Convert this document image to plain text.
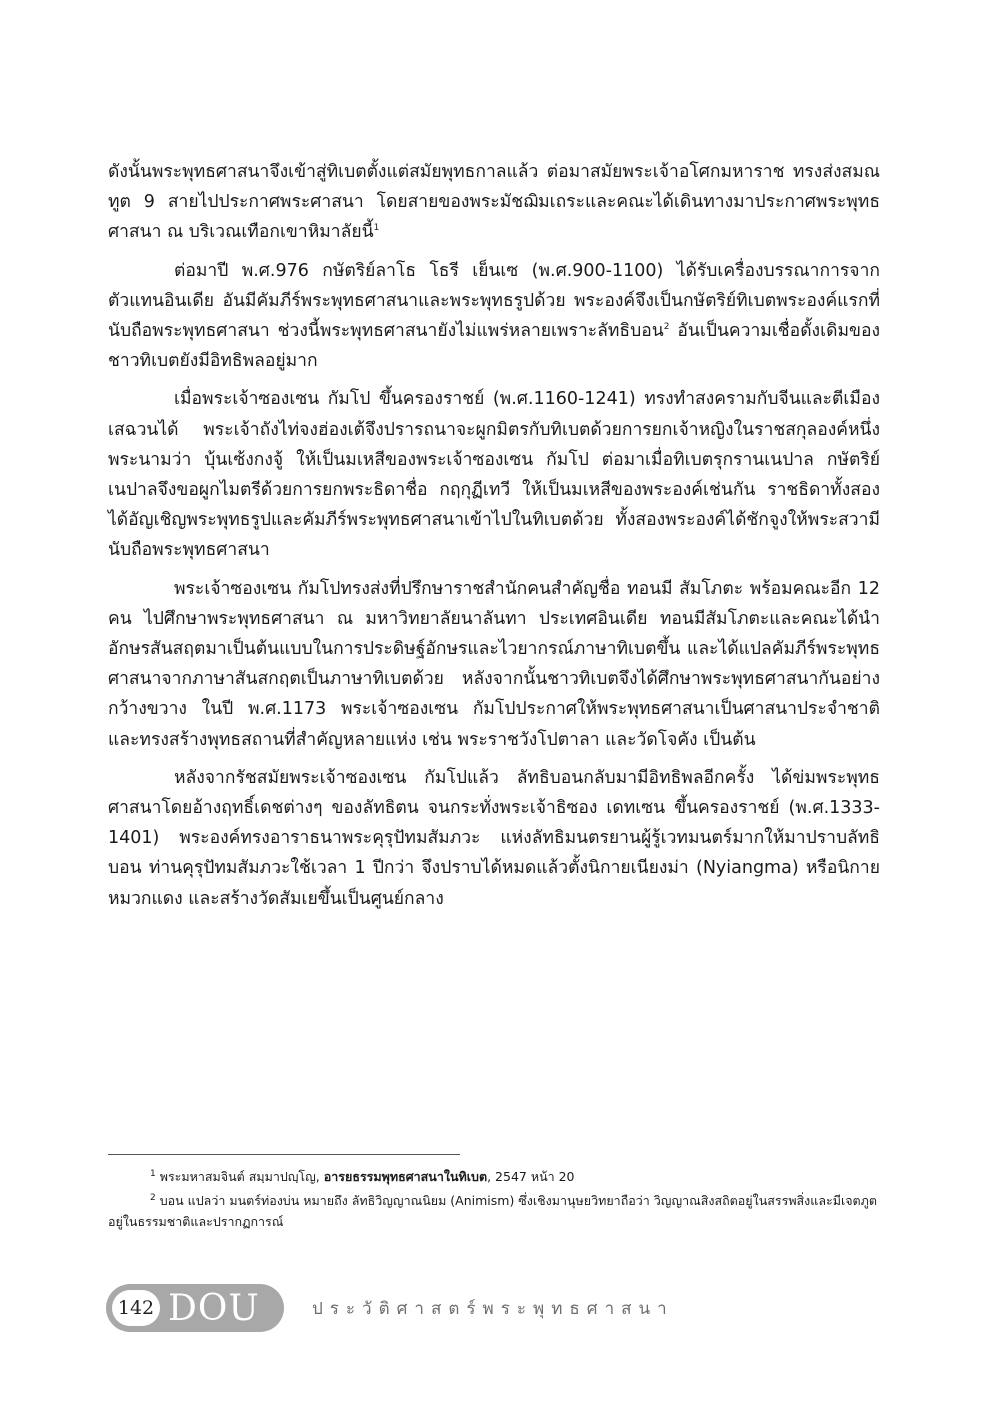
ดังนั้นพระพุทธศาสนาจึงเข้าสู่ทิเบตตั้งแต่สมัยพุทธกาลแล้ว ต่อมาสมัยพระเจ้าอโศกมหาราช ทรงส่งสมณทูต 9 สายไปประกาศพระศาสนา โดยสายของพระมัชฌิมเถระและคณะได้เดินทางมาประกาศพระพุทธศาสนา ณ บริเวณเทือกเขาหิมาลัยนี้$^1$

ต่อมาปี พ.ศ.976 กษัตริย์ลาโธ โธรี เย็นเซ (พ.ศ.900-1100) ได้รับเครื่องบรรณาการจากตัวแทนอินเดีย อันมีคัมภีร์พระพุทธศาสนาและพระพุทธรูปด้วย พระองค์จึงเป็นกษัตริย์ทิเบตพระองค์แรกที่นับถือพระพุทธศาสนา ช่วงนี้พระพุทธศาสนายังไม่แพร่หลายเพราะลัทธิบอน$^2$ อันเป็นความเชื่อดั้งเดิมของชาวทิเบตยังมีอิทธิพลอยู่มาก

เมื่อพระเจ้าซองเซน กัมโป ขึ้นครองราชย์ (พ.ศ.1160-1241) ทรงทำสงครามกับจีนและตีเมืองเสฉวนได้ พระเจ้าถังไท่จงฮ่องเต้จึงปรารถนาจะผูกมิตรกับทิเบตด้วยการยกเจ้าหญิงในราชสกุลองค์หนึ่งพระนามว่า บุ้นเซ้งกงจู้ ให้เป็นมเหสีของพระเจ้าซองเซน กัมโป ต่อมาเมื่อทิเบตรุกรานเนปาล กษัตริย์เนปาลจึงขอผูกไมตรีด้วยการยกพระธิดาชื่อ กฤกุฏีเทวี ให้เป็นมเหสีของพระองค์เช่นกัน ราชธิดาทั้งสองได้อัญเชิญพระพุทธรูปและคัมภีร์พระพุทธศาสนาเข้าไปในทิเบตด้วย ทั้งสองพระองค์ได้ชักจูงให้พระสวามีนับถือพระพุทธศาสนา

พระเจ้าซองเซน กัมโปทรงส่งที่ปรึกษาราชสำนักคนสำคัญชื่อ ทอนมี สัมโภตะ พร้อมคณะอีก 12 คน ไปศึกษาพระพุทธศาสนา ณ มหาวิทยาลัยนาลันทา ประเทศอินเดีย ทอนมีสัมโภตะและคณะได้นำอักษรสันสฤตมาเป็นต้นแบบในการประดิษฐ์อักษรและไวยากรณ์ภาษาทิเบตขึ้น และได้แปลคัมภีร์พระพุทธศาสนาจากภาษาสันสกฤตเป็นภาษาทิเบตด้วย หลังจากนั้นชาวทิเบตจึงได้ศึกษาพระพุทธศาสนากันอย่างกว้างขวาง ในปี พ.ศ.1173 พระเจ้าซองเซน กัมโปประกาศให้พระพุทธศาสนาเป็นศาสนาประจำชาติ และทรงสร้างพุทธสถานที่สำคัญหลายแห่ง เช่น พระราชวังโปตาลา และวัดโจคัง เป็นต้น

หลังจากรัชสมัยพระเจ้าซองเซน กัมโปแล้ว ลัทธิบอนกลับมามีอิทธิพลอีกครั้ง ได้ข่มพระพุทธศาสนาโดยอ้างฤทธิ์เดชต่างๆ ของลัทธิตน จนกระทั่งพระเจ้าธิซอง เดทเซน ขึ้นครองราชย์ (พ.ศ.1333-1401) พระองค์ทรงอาราธนาพระคุรุปัทมสัมภวะ แห่งลัทธิมนตรยานผู้รู้เวทมนตร์มากให้มาปราบลัทธิบอน ท่านคุรุปัทมสัมภวะใช้เวลา 1 ปีกว่า จึงปราบได้หมดแล้วตั้งนิกายเนียงม่า (Nyiangma) หรือนิกายหมวกแดง และสร้างวัดสัมเยขึ้นเป็นศูนย์กลาง

$^1$ พระมหาสมจินต์ สมฺมาปญฺโญ, อารยธรรมพุทธศาสนาในทิเบต, 2547 หน้า 20

$^2$ บอน แปลว่า มนตร์ท่องบ่น หมายถึง ลัทธิวิญญาณนิยม (Animism) ซึ่งเชิงมานุษยวิทยาถือว่า วิญญาณสิงสถิตอยู่ในสรรพสิ่งและมีเจตภูตอยู่ในธรรมชาติและปรากฏการณ์

142 DOU	ประวัติศาสตร์พระพุทธศาสนา
